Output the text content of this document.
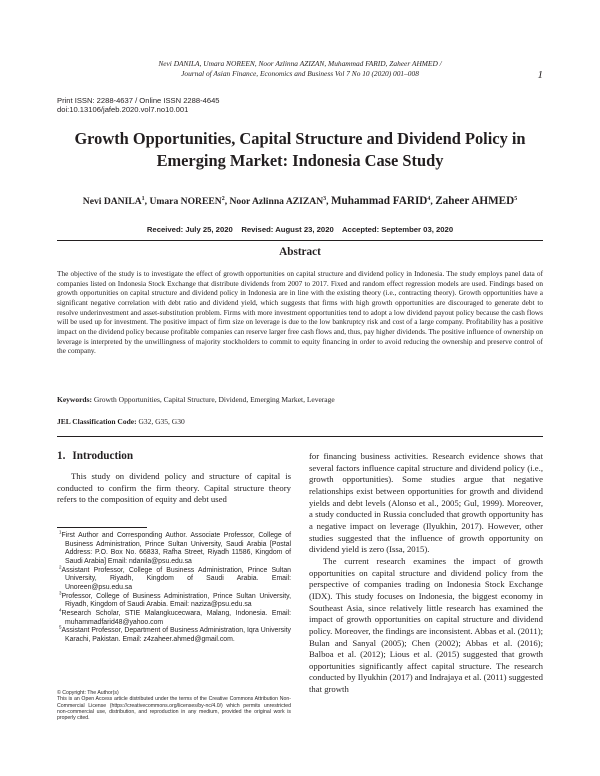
Nevi DANILA, Umara NOREEN, Noor Azlinna AZIZAN, Muhammad FARID, Zaheer AHMED /
Journal of Asian Finance, Economics and Business Vol 7 No 10 (2020) 001–008	1
Print ISSN: 2288-4637 / Online ISSN 2288-4645
doi:10.13106/jafeb.2020.vol7.no10.001
Growth Opportunities, Capital Structure and Dividend Policy in
Emerging Market: Indonesia Case Study
Nevi DANILA$^1$, Umara NOREEN$^2$, Noor Azlinna AZIZAN$^3$, Muhammad FARID$^4$, Zaheer AHMED$^5$
Received: July 25, 2020    Revised: August 23, 2020    Accepted: September 03, 2020
Abstract
The objective of the study is to investigate the effect of growth opportunities on capital structure and dividend policy in Indonesia. The study employs panel data of companies listed on Indonesia Stock Exchange that distribute dividends from 2007 to 2017. Fixed and random effect regression models are used. Findings based on growth opportunities on capital structure and dividend policy in Indonesia are in line with the existing theory (i.e., contracting theory). Growth opportunities have a significant negative correlation with debt ratio and dividend yield, which suggests that firms with high growth opportunities are discouraged to generate debt to resolve underinvestment and asset-substitution problem. Firms with more investment opportunities tend to adopt a low dividend payout policy because the cash flows will be used up for investment. The positive impact of firm size on leverage is due to the low bankruptcy risk and cost of a large company. Profitability has a positive impact on the dividend policy because profitable companies can reserve larger free cash flows and, thus, pay higher dividends. The positive influence of ownership on leverage is interpreted by the unwillingness of majority stockholders to commit to equity financing in order to avoid reducing the ownership and preserve control of the company.
Keywords: Growth Opportunities, Capital Structure, Dividend, Emerging Market, Leverage
JEL Classification Code: G32, G35, G30
1. Introduction

This study on dividend policy and structure of capital is conducted to confirm the firm theory. Capital structure theory refers to the composition of equity and debt used

$^1$First Author and Corresponding Author. Associate Professor, College of Business Administration, Prince Sultan University, Saudi Arabia [Postal Address: P.O. Box No. 66833, Rafha Street, Riyadh 11586, Kingdom of Saudi Arabia] Email: ndanila@psu.edu.sa

$^2$Assistant Professor, College of Business Administration, Prince Sultan University, Riyadh, Kingdom of Saudi Arabia. Email: Unoreen@psu.edu.sa

$^3$Professor, College of Business Administration, Prince Sultan University, Riyadh, Kingdom of Saudi Arabia. Email: naziza@psu.edu.sa

$^4$Research Scholar, STIE Malangkucecwara, Malang, Indonesia. Email: muhammadfarid48@yahoo.com

$^5$Assistant Professor, Department of Business Administration, Iqra University Karachi, Pakistan. Email: z4zaheer.ahmed@gmail.com.

© Copyright: The Author(s)
This is an Open Access article distributed under the terms of the Creative Commons Attribution Non-Commercial License (https://creativecommons.org/licenses/by-nc/4.0/) which permits unrestricted non-commercial use, distribution, and reproduction in any medium, provided the original work is properly cited.

for financing business activities. Research evidence shows that several factors influence capital structure and dividend policy (i.e., growth opportunities). Some studies argue that negative relationships exist between opportunities for growth and dividend yields and debt levels (Alonso et al., 2005; Gul, 1999). Moreover, a study conducted in Russia concluded that growth opportunity has a negative impact on leverage (Ilyukhin, 2017). However, other studies suggested that the influence of growth opportunity on dividend yield is zero (Issa, 2015).

The current research examines the impact of growth opportunities on capital structure and dividend policy from the perspective of companies trading on Indonesia Stock Exchange (IDX). This study focuses on Indonesia, the biggest economy in Southeast Asia, since relatively little research has examined the impact of growth opportunities on capital structure and dividend policy. Moreover, the findings are inconsistent. Abbas et al. (2011); Bulan and Sanyal (2005); Chen (2002); Abbas et al. (2016); Balboa et al. (2012); Lious et al. (2015) suggested that growth opportunities significantly affect capital structure. The research conducted by Ilyukhin (2017) and Indrajaya et al. (2011) suggested that growth
